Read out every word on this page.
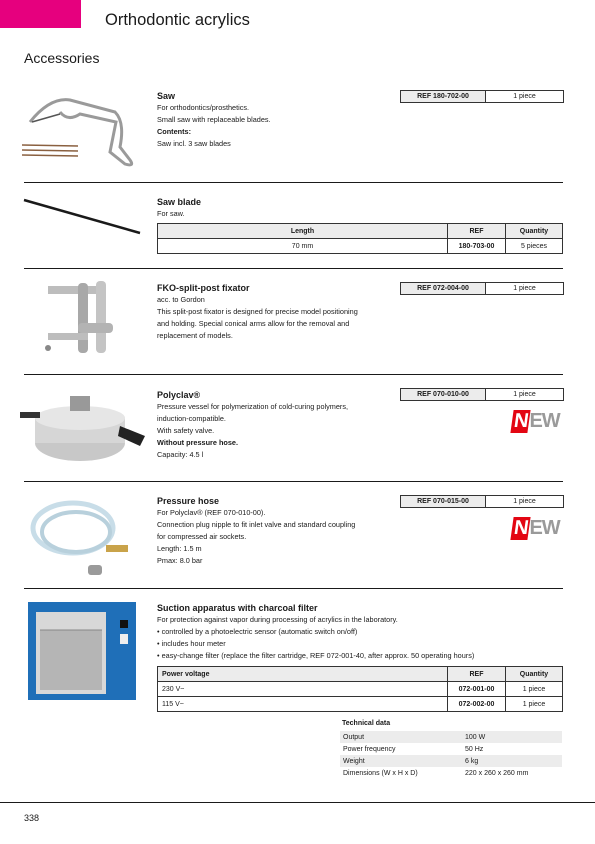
Orthodontic acrylics
Accessories
Saw
For orthodontics/prosthetics.
Small saw with replaceable blades.
Contents:
Saw incl. 3 saw blades
REF 180-702-00	1 piece
Saw blade
For saw.
Length	REF	Quantity
70 mm	180-703-00	5 pieces
FKO-split-post fixator
acc. to Gordon
This split-post fixator is designed for precise model positioning
and holding. Special conical arms allow for the removal and
replacement of models.
REF 072-004-00	1 piece
Polyclav®
Pressure vessel for polymerization of cold-curing polymers,
induction-compatible.
With safety valve.
Without pressure hose.
Capacity: 4.5 l
REF 070-010-00	1 piece
NEW
Pressure hose
For Polyclav® (REF 070-010-00).
Connection plug nipple to fit inlet valve and standard coupling
for compressed air sockets.
Length: 1.5 m
Pmax: 8.0 bar
REF 070-015-00	1 piece
NEW
Suction apparatus with charcoal filter
For protection against vapor during processing of acrylics in the laboratory.
• controlled by a photoelectric sensor (automatic switch on/off)
• includes hour meter
• easy-change filter (replace the filter cartridge, REF 072-001-40, after approx. 50 operating hours)
Power voltage	REF	Quantity
230 V~	072-001-00	1 piece
115 V~	072-002-00	1 piece
Technical data
Output	100 W
Power frequency	50 Hz
Weight	6 kg
Dimensions (W x H x D)	220 x 260 x 260 mm
338
